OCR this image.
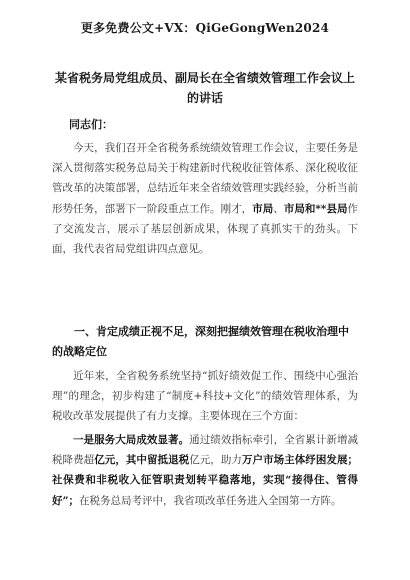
更多免费公文+VX：QiGeGongWen2024
某省税务局党组成员、副局长在全省绩效管理工作会议上
的讲话
同志们：

今天，我们召开全省税务系统绩效管理工作会议，主要任务是深入贯彻落实税务总局关于构建新时代税收征管体系、深化税收征管改革的决策部署，总结近年来全省绩效管理实践经验，分析当前形势任务，部署下一阶段重点工作。刚才，市局、市局和**县局作了交流发言，展示了基层创新成果，体现了真抓实干的劲头。下面，我代表省局党组讲四点意见。

一、肯定成绩正视不足，深刻把握绩效管理在税收治理中的战略定位

近年来，全省税务系统坚持“抓好绩效促工作、围绕中心强治理”的理念，初步构建了“制度+科技+文化”的绩效管理体系，为税收改革发展提供了有力支撑。主要体现在三个方面：

一是服务大局成效显著。通过绩效指标牵引，全省累计新增减税降费超亿元，其中留抵退税亿元，助力万户市场主体纾困发展；社保费和非税收入征管职责划转平稳落地，实现“接得住、管得好”；在税务总局考评中，我省项改革任务进入全国第一方阵。
